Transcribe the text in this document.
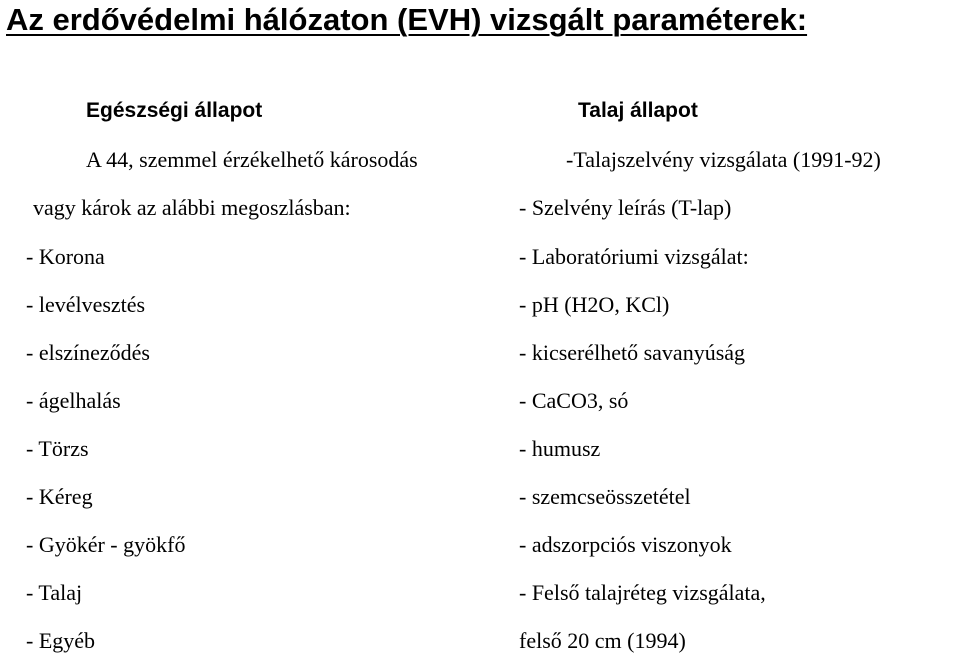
Az erdővédelmi hálózaton (EVH) vizsgált paraméterek:
Egészségi állapot
A 44, szemmel érzékelhető károsodás
vagy károk az alábbi megoszlásban:
- Korona
- levélvesztés
- elszíneződés
- ágelhalás
- Törzs
- Kéreg
- Gyökér - gyökfő
- Talaj
- Egyéb
Talaj állapot
-Talajszelvény vizsgálata (1991-92)
- Szelvény leírás (T-lap)
- Laboratóriumi vizsgálat:
- pH (H2O, KCl)
- kicserélhető savanyúság
- CaCO3, só
- humusz
- szemcseösszetétel
- adszorpciós viszonyok
- Felső talajréteg vizsgálata,
felső 20 cm (1994)
